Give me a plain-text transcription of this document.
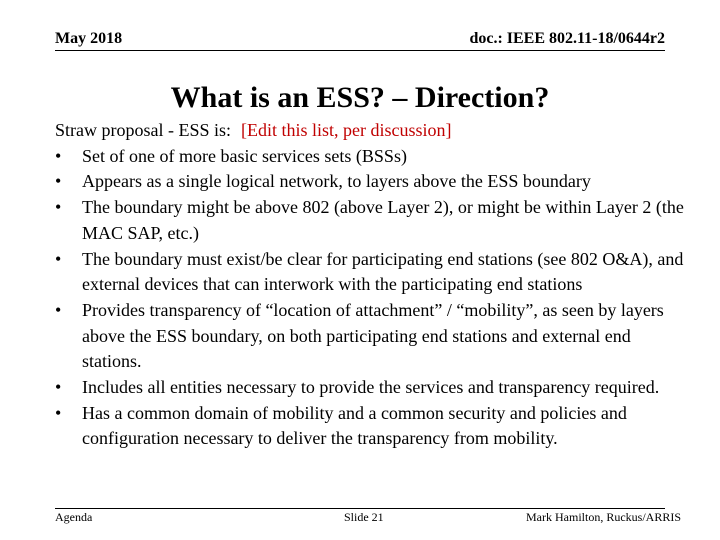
May 2018	doc.: IEEE 802.11-18/0644r2
What is an ESS? – Direction?
Straw proposal - ESS is: [Edit this list, per discussion]
• Set of one of more basic services sets (BSSs)
• Appears as a single logical network, to layers above the ESS boundary
• The boundary might be above 802 (above Layer 2), or might be within Layer 2 (the MAC SAP, etc.)
• The boundary must exist/be clear for participating end stations (see 802 O&A), and external devices that can interwork with the participating end stations
• Provides transparency of “location of attachment” / “mobility”, as seen by layers above the ESS boundary, on both participating end stations and external end stations.
• Includes all entities necessary to provide the services and transparency required.
• Has a common domain of mobility and a common security and policies and configuration necessary to deliver the transparency from mobility.
Agenda	Slide 21	Mark Hamilton, Ruckus/ARRIS
